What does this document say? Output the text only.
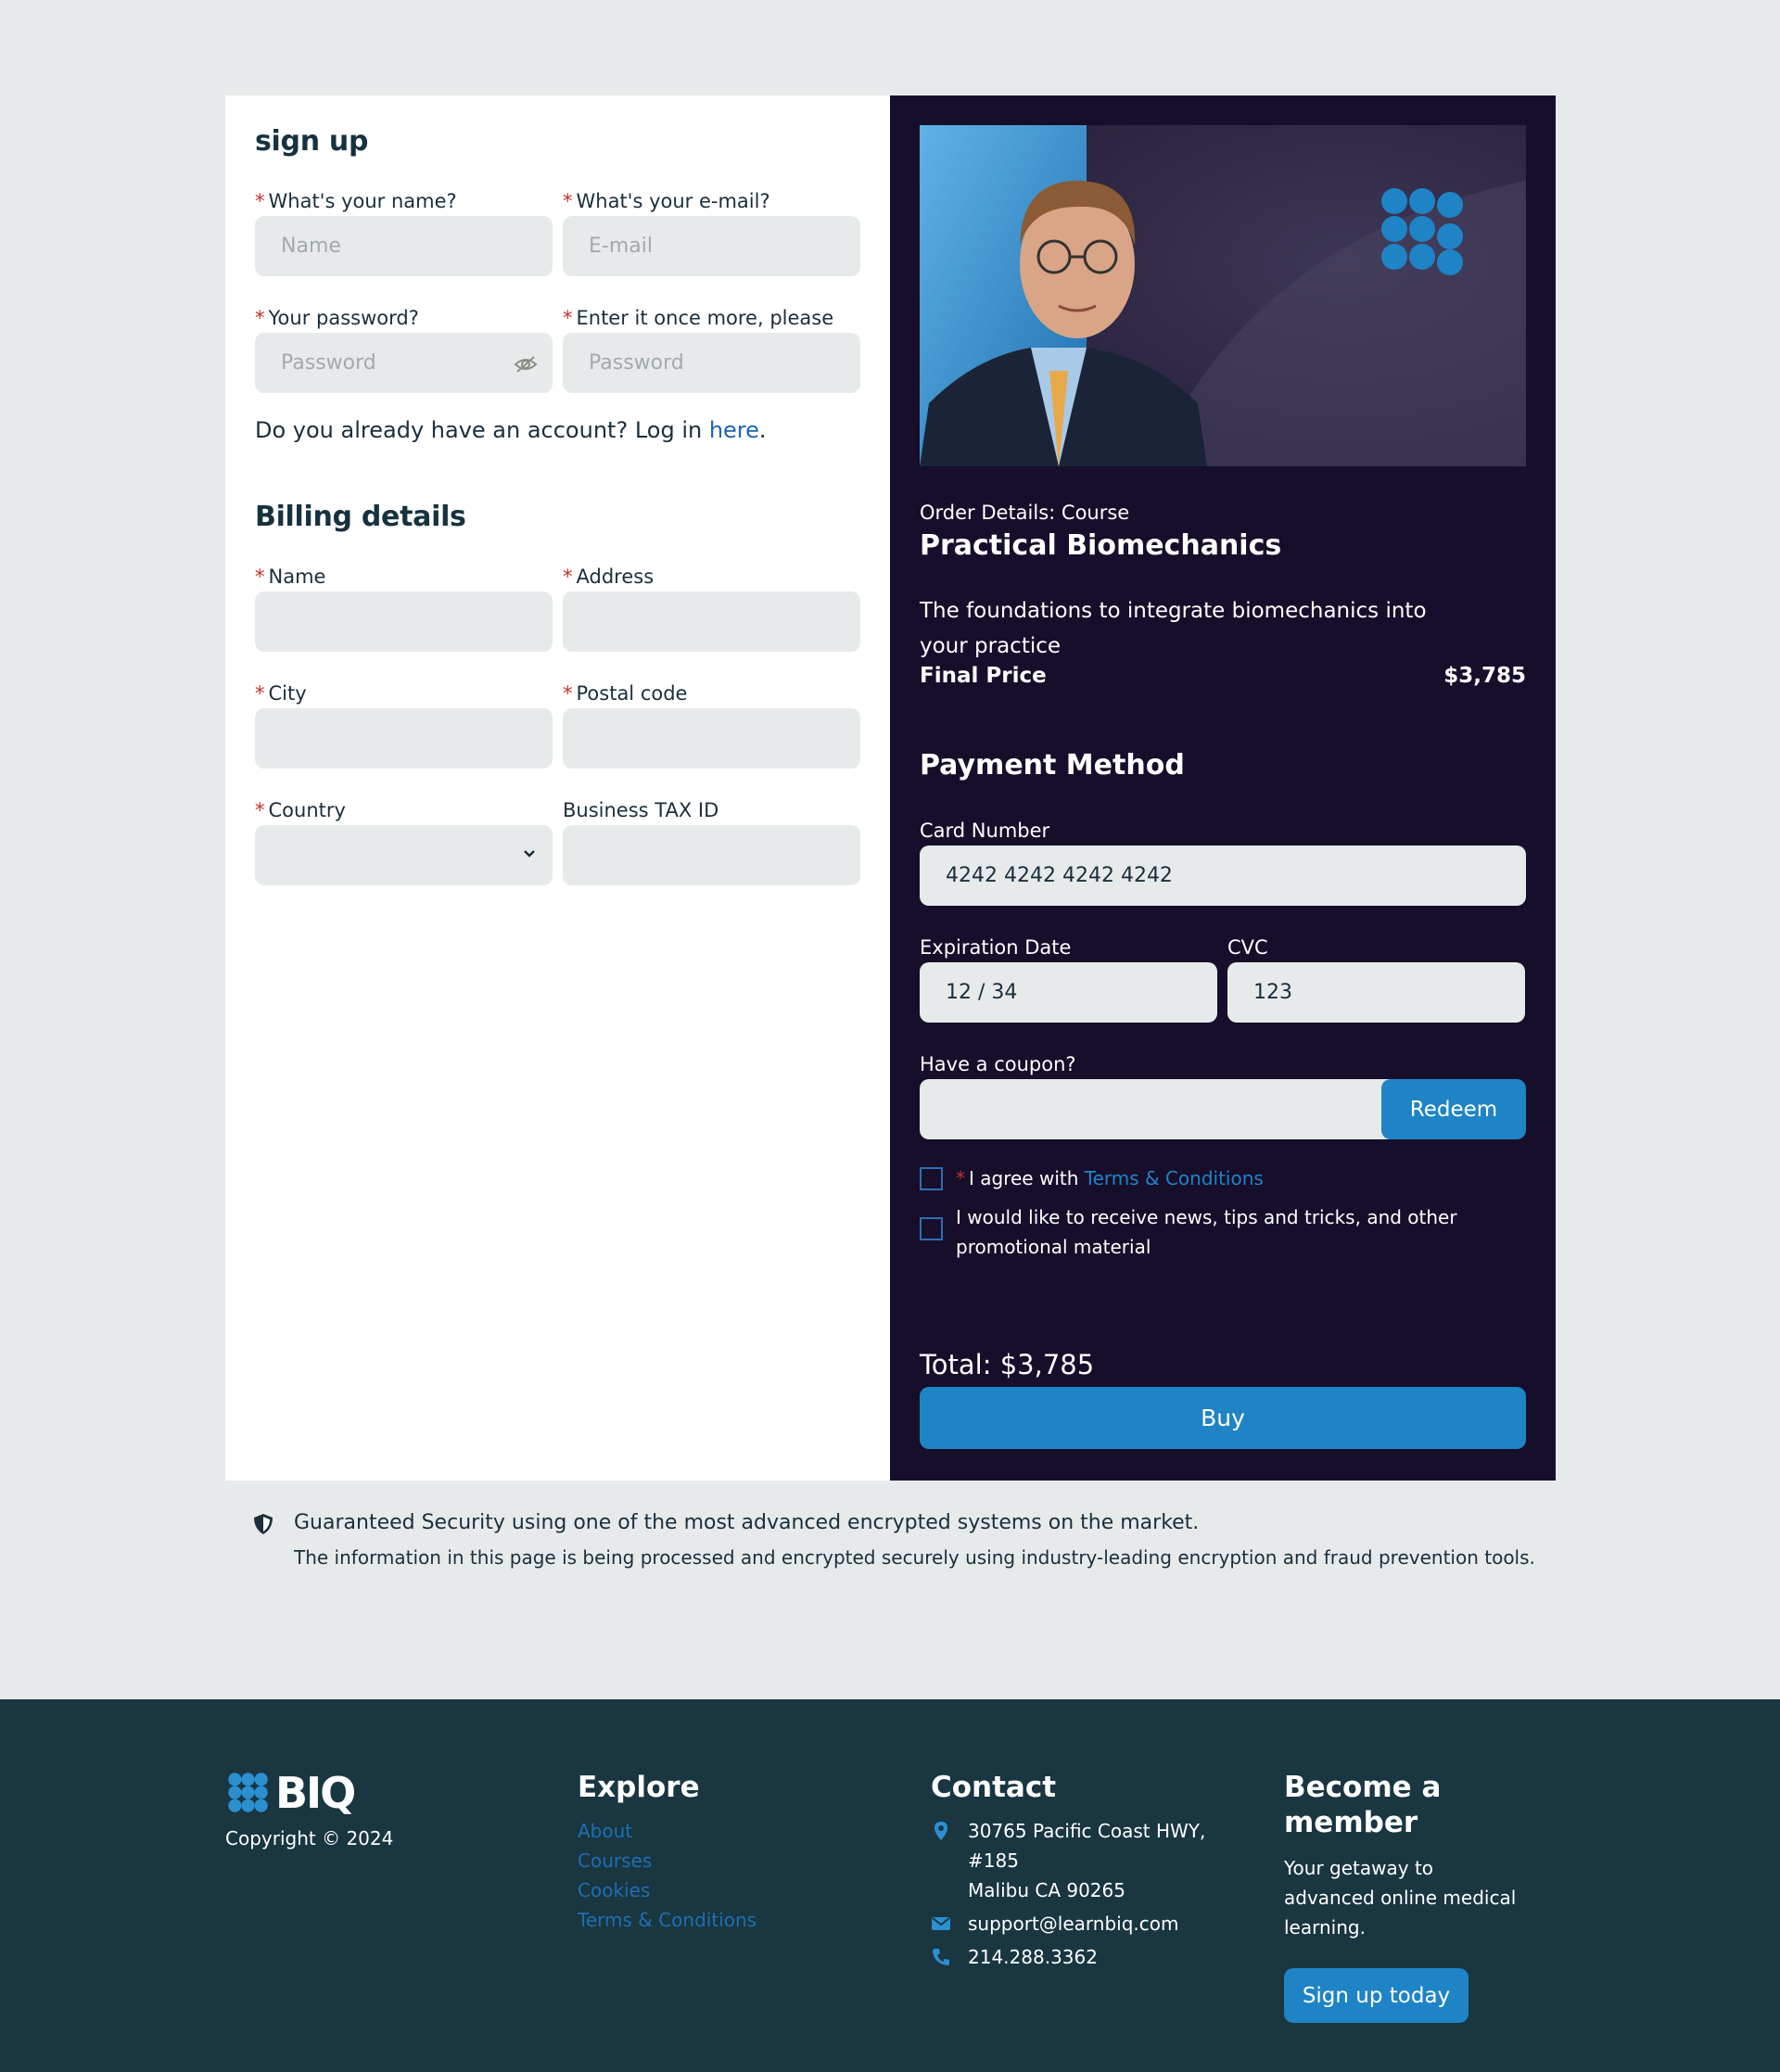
sign up
* What's your name?
Name
* What's your e-mail?
E-mail
* Your password?
Password
* Enter it once more, please
Password
Do you already have an account? Log in here.
Billing details
* Name	* Address
* City	* Postal code
* Country	Business TAX ID
Order Details: Course
Practical Biomechanics
The foundations to integrate biomechanics into your practice
Final Price	$3,785
Payment Method
Card Number
4242 4242 4242 4242
Expiration Date
12 / 34
CVC
123
Have a coupon?
Redeem
* I agree with Terms & Conditions
I would like to receive news, tips and tricks, and other promotional material
Total: $3,785
Buy
Guaranteed Security using one of the most advanced encrypted systems on the market.
The information in this page is being processed and encrypted securely using industry-leading encryption and fraud prevention tools.
BIQ
Copyright © 2024
Explore
About
Courses
Cookies
Terms & Conditions
Contact
30765 Pacific Coast HWY,
#185
Malibu CA 90265
support@learnbiq.com
214.288.3362
Become a member
Your getaway to advanced online medical learning.
Sign up today
